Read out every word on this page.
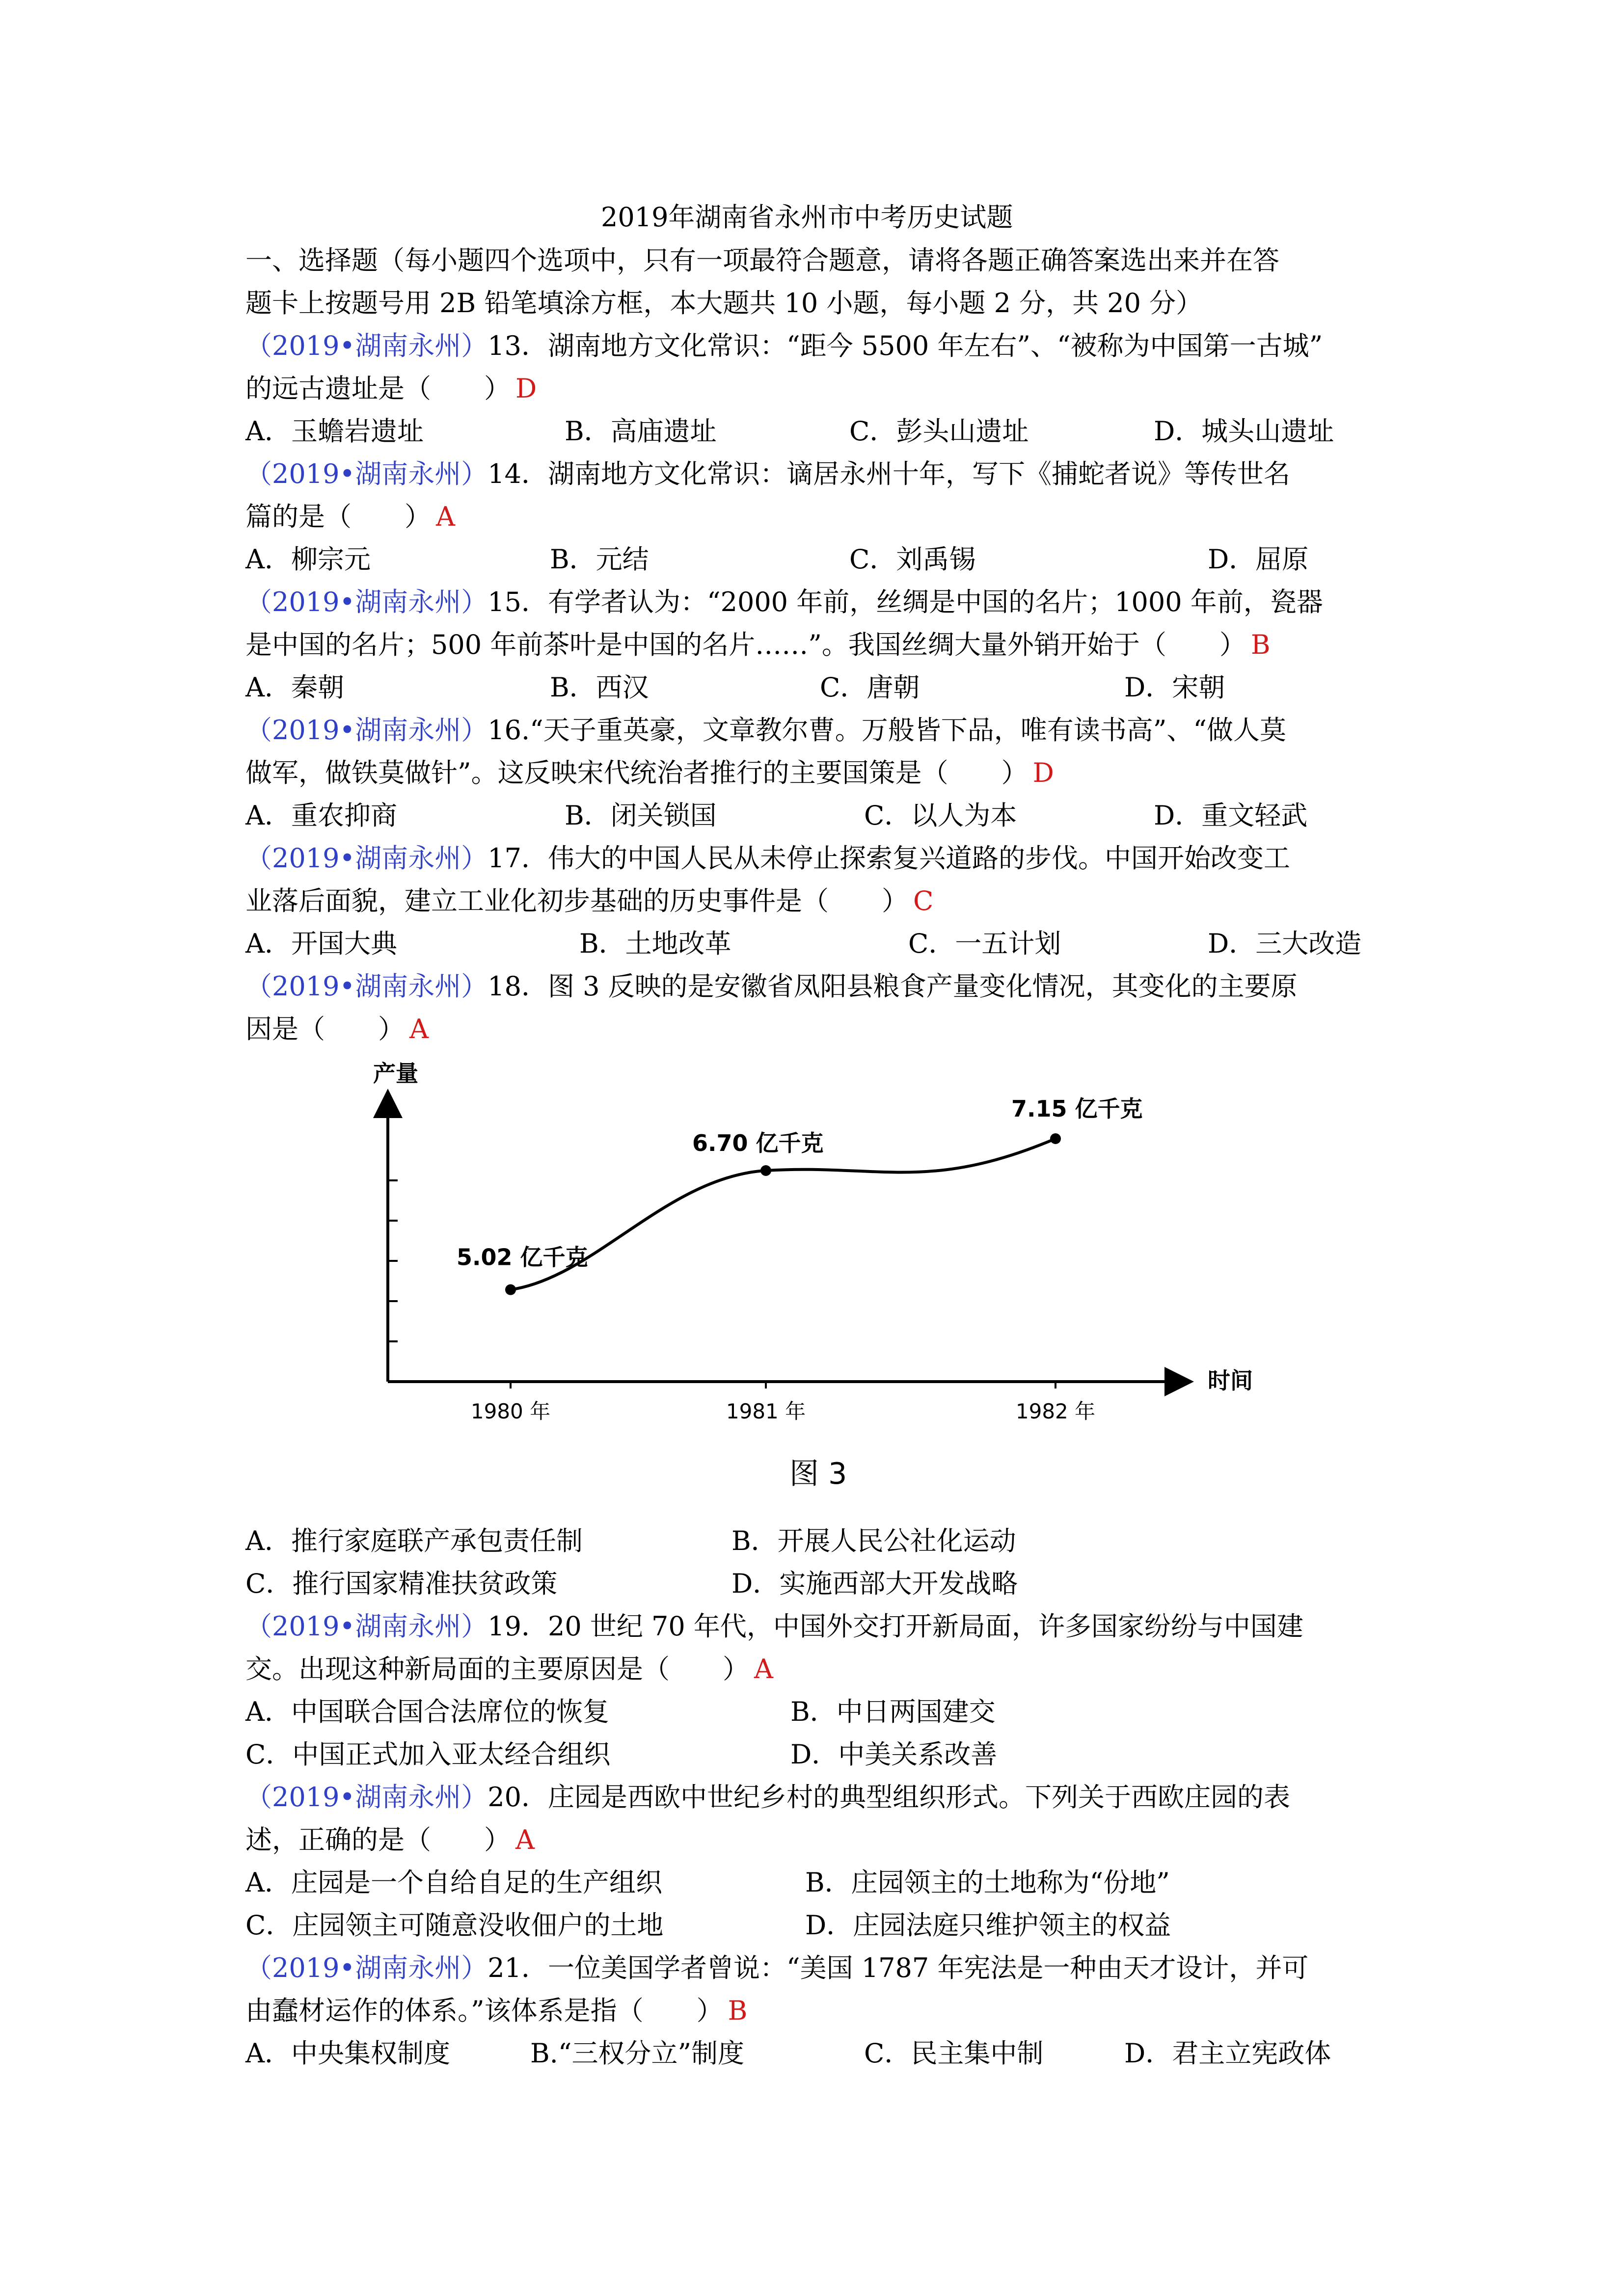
2019年湖南省永州市中考历史试题
一、选择题（每小题四个选项中，只有一项最符合题意，请将各题正确答案选出来并在答
题卡上按题号用 2B 铅笔填涂方框，本大题共 10 小题，每小题 2 分，共 20 分）
（2019•湖南永州）13．湖南地方文化常识：“距今 5500 年左右”、“被称为中国第一古城”
的远古遗址是（　　） D
A．玉蟾岩遗址	B．高庙遗址	C．彭头山遗址	D．城头山遗址
（2019•湖南永州）14．湖南地方文化常识：谪居永州十年，写下《捕蛇者说》等传世名
篇的是（　　） A
A．柳宗元	B．元结	C．刘禹锡	D．屈原
（2019•湖南永州）15．有学者认为：“2000 年前，丝绸是中国的名片；1000 年前，瓷器
是中国的名片；500 年前茶叶是中国的名片……”。我国丝绸大量外销开始于（　　） B
A．秦朝	B．西汉	C．唐朝	D．宋朝
（2019•湖南永州）16.“天子重英豪，文章教尔曹。万般皆下品，唯有读书高”、“做人莫
做军，做铁莫做针”。这反映宋代统治者推行的主要国策是（　　） D
A．重农抑商	B．闭关锁国	C．以人为本	D．重文轻武
（2019•湖南永州）17．伟大的中国人民从未停止探索复兴道路的步伐。中国开始改变工
业落后面貌，建立工业化初步基础的历史事件是（　　） C
A．开国大典	B．土地改革	C．一五计划	D．三大改造
（2019•湖南永州）18．图 3 反映的是安徽省凤阳县粮食产量变化情况，其变化的主要原
因是（　　） A
产量
时间
1980 年	1981 年	1982 年
5.02 亿千克
6.70 亿千克
7.15 亿千克
图 3
A．推行家庭联产承包责任制	B．开展人民公社化运动
C．推行国家精准扶贫政策	D．实施西部大开发战略
（2019•湖南永州）19．20 世纪 70 年代，中国外交打开新局面，许多国家纷纷与中国建
交。出现这种新局面的主要原因是（　　） A
A．中国联合国合法席位的恢复	B．中日两国建交
C．中国正式加入亚太经合组织	D．中美关系改善
（2019•湖南永州）20．庄园是西欧中世纪乡村的典型组织形式。下列关于西欧庄园的表
述，正确的是（　　） A
A．庄园是一个自给自足的生产组织	B．庄园领主的土地称为“份地”
C．庄园领主可随意没收佃户的土地	D．庄园法庭只维护领主的权益
（2019•湖南永州）21．一位美国学者曾说：“美国 1787 年宪法是一种由天才设计，并可
由蠢材运作的体系。”该体系是指（　　） B
A．中央集权制度	B.“三权分立”制度	C．民主集中制	D．君主立宪政体
